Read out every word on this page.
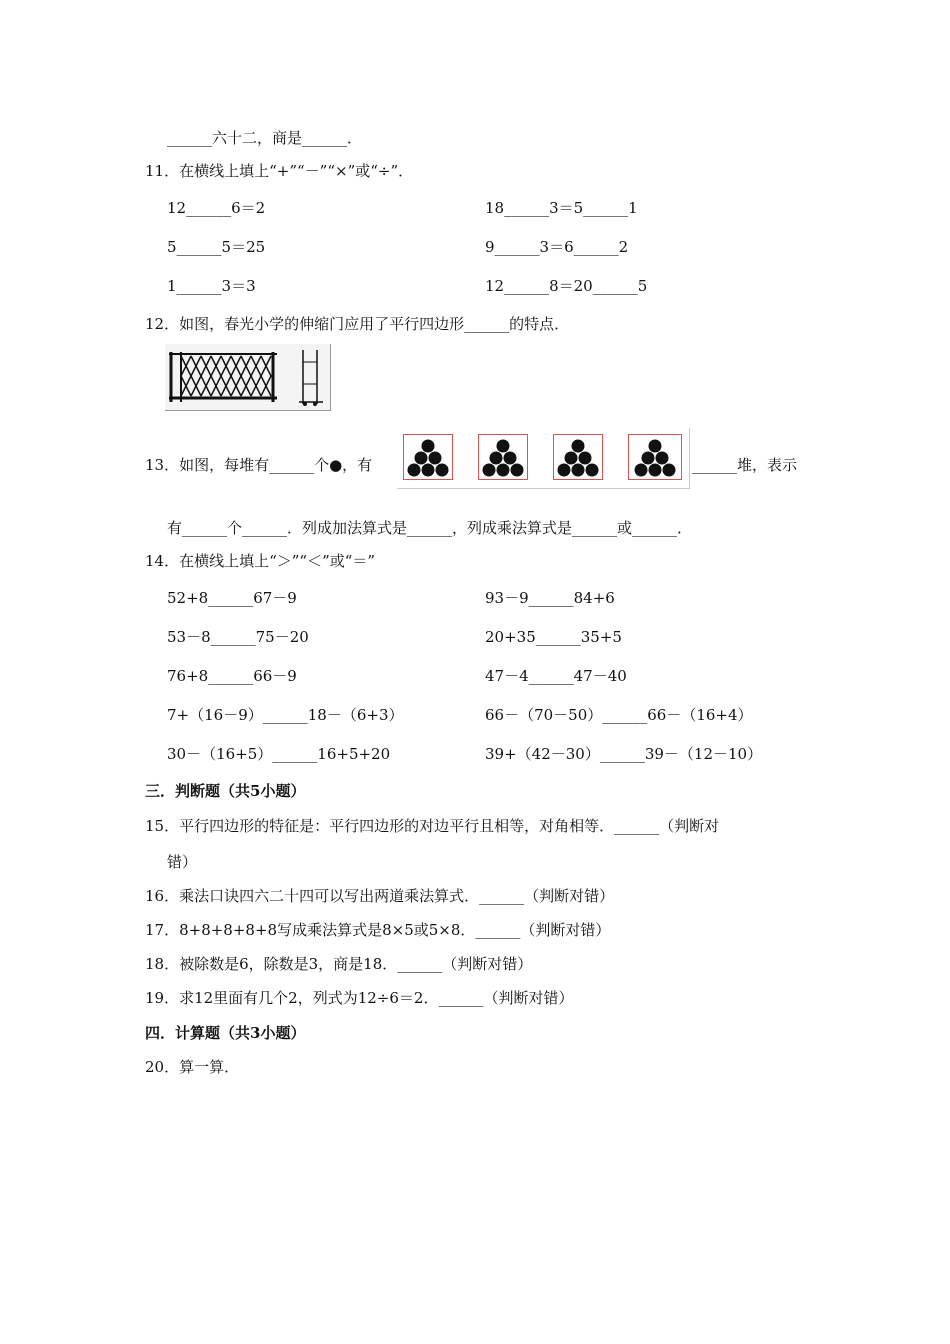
______六十二，商是______．
11．在横线上填上“+”“－”“×”或“÷”．
12______6＝2	18______3＝5______1
5______5＝25	9______3＝6______2
1______3＝3	12______8＝20______5
12．如图，春光小学的伸缩门应用了平行四边形______的特点．
13．如图，每堆有______个●，有	______堆，表示
有______个______．列成加法算式是______，列成乘法算式是______或______．
14．在横线上填上“＞”“＜”或“＝”
52+8______67－9	93－9______84+6
53－8______75－20	20+35______35+5
76+8______66－9	47－4______47－40
7+（16－9）______18－（6+3）	66－（70－50）______66－（16+4）
30－（16+5）______16+5+20	39+（42－30）______39－（12－10）
三．判断题（共5小题）
15．平行四边形的特征是：平行四边形的对边平行且相等，对角相等．______（判断对
错）
16．乘法口诀四六二十四可以写出两道乘法算式．______（判断对错）
17．8+8+8+8+8写成乘法算式是8×5或5×8．______（判断对错）
18．被除数是6，除数是3，商是18．______（判断对错）
19．求12里面有几个2，列式为12÷6＝2．______（判断对错）
四．计算题（共3小题）
20．算一算．
